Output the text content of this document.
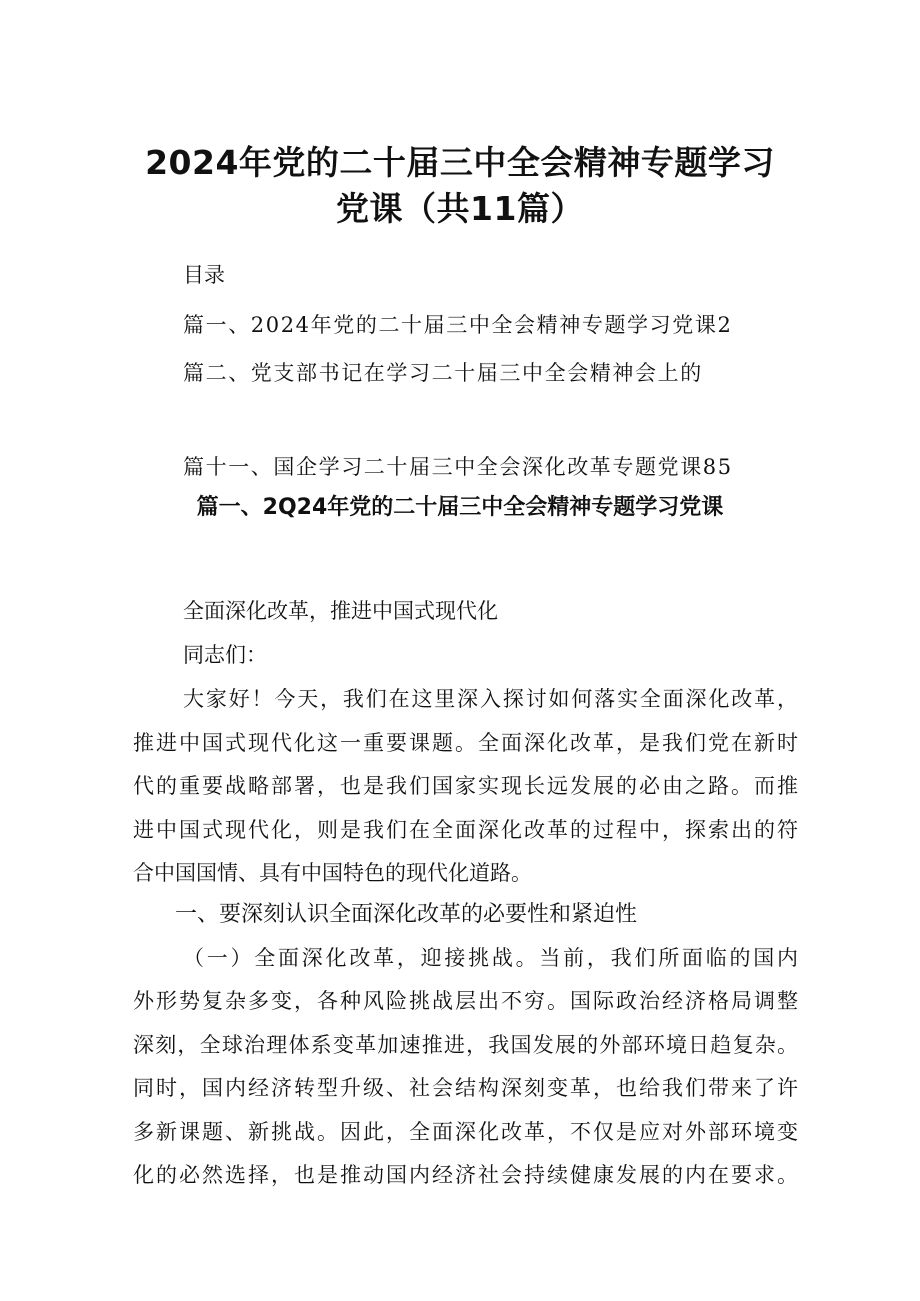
2024年党的二十届三中全会精神专题学习
党课（共11篇）
目录
篇一、2024年党的二十届三中全会精神专题学习党课2
篇二、党支部书记在学习二十届三中全会精神会上的
篇十一、国企学习二十届三中全会深化改革专题党课85
篇一、2Q24年党的二十届三中全会精神专题学习党课
全面深化改革，推进中国式现代化
同志们：
大家好！今天，我们在这里深入探讨如何落实全面深化改革，
推进中国式现代化这一重要课题。全面深化改革，是我们党在新时
代的重要战略部署，也是我们国家实现长远发展的必由之路。而推
进中国式现代化，则是我们在全面深化改革的过程中，探索出的符
合中国国情、具有中国特色的现代化道路。
一、要深刻认识全面深化改革的必要性和紧迫性
（一）全面深化改革，迎接挑战。当前，我们所面临的国内
外形势复杂多变，各种风险挑战层出不穷。国际政治经济格局调整
深刻，全球治理体系变革加速推进，我国发展的外部环境日趋复杂。
同时，国内经济转型升级、社会结构深刻变革，也给我们带来了许
多新课题、新挑战。因此，全面深化改革，不仅是应对外部环境变
化的必然选择，也是推动国内经济社会持续健康发展的内在要求。
